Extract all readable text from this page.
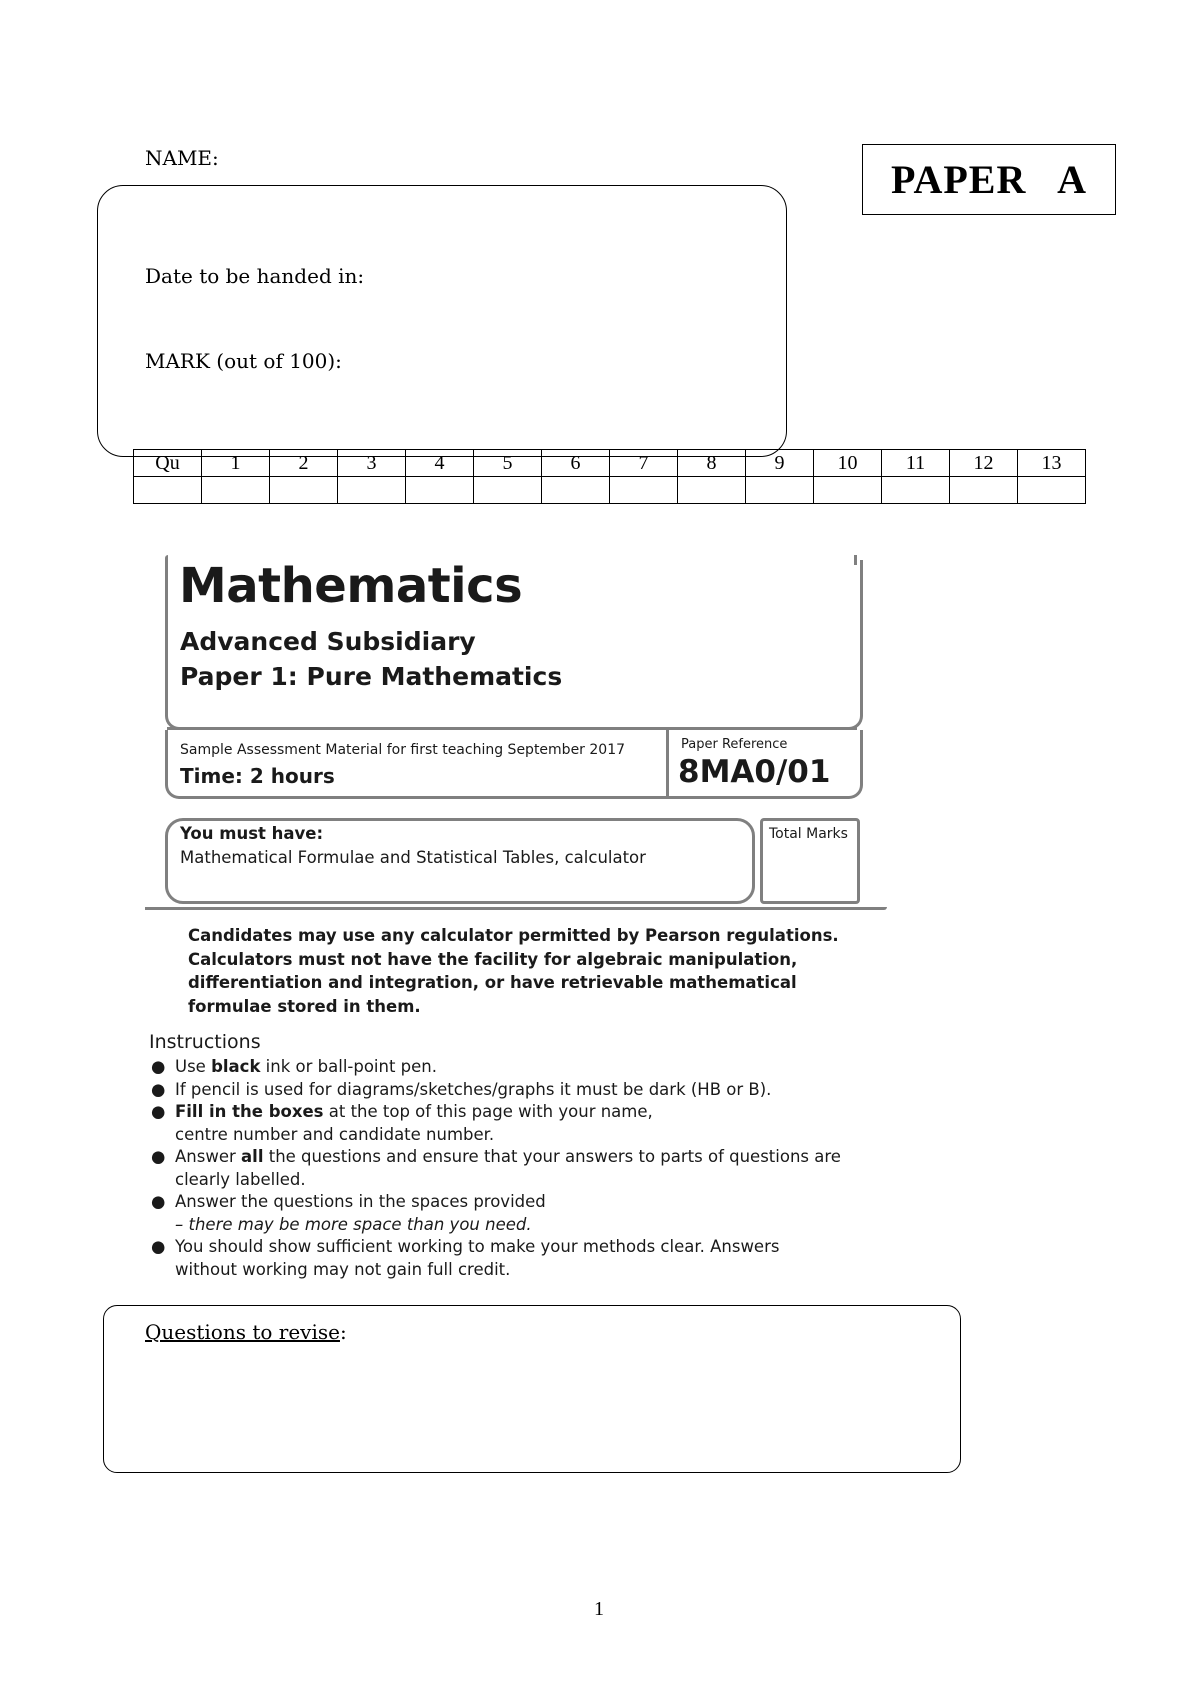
NAME:
Date to be handed in:
MARK (out of 100):
PAPER A
Qu	1	2	3	4	5	6	7	8	9	10	11	12	13

Mathematics
Advanced Subsidiary
Paper 1: Pure Mathematics
Sample Assessment Material for first teaching September 2017
Time: 2 hours
Paper Reference
8MA0/01
You must have:
Mathematical Formulae and Statistical Tables, calculator
Total Marks
Candidates may use any calculator permitted by Pearson regulations.
Calculators must not have the facility for algebraic manipulation,
differentiation and integration, or have retrievable mathematical
formulae stored in them.
Instructions
● Use black ink or ball-point pen.
● If pencil is used for diagrams/sketches/graphs it must be dark (HB or B).
● Fill in the boxes at the top of this page with your name,
centre number and candidate number.
● Answer all the questions and ensure that your answers to parts of questions are
clearly labelled.
● Answer the questions in the spaces provided
– there may be more space than you need.
● You should show sufficient working to make your methods clear. Answers
without working may not gain full credit.
Questions to revise:
1
